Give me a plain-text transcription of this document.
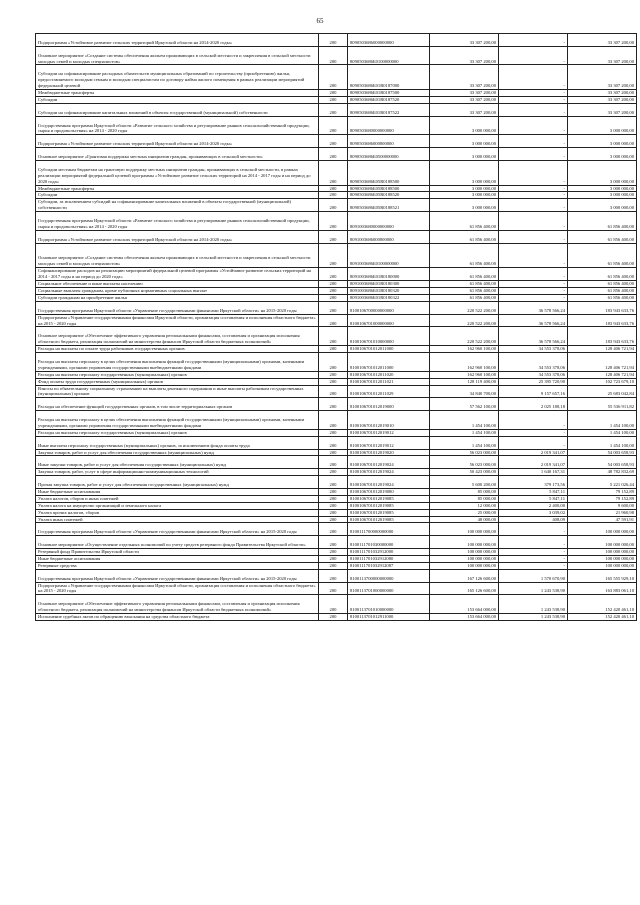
65
Подпрограмма «Устойчивое развитие сельских территорий Иркутской области на 2014-2020 годы»	200	8090503686000000000	33 307 200,00	-	33 307 200,00
Основное мероприятие «Создание системы обеспечения жильем проживающих в сельской местности и закрепления в сельской местности молодых семей и молодых специалистов»	200	8090503686Б0100000000	33 307 200,00	-	33 307 200,00
Субсидии на софинансирование расходных обязательств муниципальных образований по строительству (приобретению) жилья, предоставляемого молодым семьям и молодым специалистам по договору найма жилого помещения в рамках реализации мероприятий федеральной целевой	200	8090503686Б01R0187000	33 307 200,00	-	33 307 200,00
Межбюджетные трансферты	200	8090503686Б01R0187500	33 307 200,00	-	33 307 200,00
Субсидии	200	8090503686Б01R0187520	33 307 200,00	-	33 307 200,00
Субсидии на софинансирование капитальных вложений в объекты государственной (муниципальной) собственности	200	8090503686Б01R0187522	33 307 200,00	-	33 307 200,00
Государственная программа Иркутской области «Развитие сельского хозяйства и регулирование рынков сельскохозяйственной продукции, сырья и продовольствия» на 2014 - 2020 годы	200	8090503680000000000	3 000 000,00	-	3 000 000,00
Подпрограмма «Устойчивое развитие сельских территорий Иркутской области на 2014-2020 годы»	200	8090503686000000000	3 000 000,00	-	3 000 000,00
Основное мероприятие «Грантовая поддержка местных инициатив граждан, проживающих в сельской местности»	200	8090503686Б0500000000	3 000 000,00	-	3 000 000,00
Субсидии местным бюджетам на грантовую поддержку местных инициатив граждан, проживающих в сельской местности, в рамках реализации мероприятий федеральной целевой программы «Устойчивое развитие сельских территорий на 2014 - 2017 годы и на период до 2020 года»	200	8090503686Б05R0188500	3 000 000,00	-	3 000 000,00
Межбюджетные трансферты	200	8090503686Б05R0188500	3 000 000,00	-	3 000 000,00
Субсидии	200	8090503686Б05R0188520	3 000 000,00	-	3 000 000,00
Субсидии, за исключением субсидий на софинансирование капитальных вложений в объекты государственной (муниципальной) собственности	200	8090503686Б05R0188521	3 000 000,00	-	3 000 000,00
Государственная программа Иркутской области «Развитие сельского хозяйства и регулирование рынков сельскохозяйственной продукции, сырья и продовольствия» на 2014 - 2020 годы	200	8091003680000000000	61 856 400,00	-	61 856 400,00
Подпрограмма «Устойчивое развитие сельских территорий Иркутской области на 2014-2020 годы»	200	8091003686000000000	61 856 400,00	-	61 856 400,00
Основное мероприятие «Создание системы обеспечения жильем проживающих в сельской местности и закрепления в сельской местности молодых семей и молодых специалистов»	200	8091003686Б0100000000	61 856 400,00	-	61 856 400,00
Софинансирование расходов на реализацию мероприятий федеральной целевой программы «Устойчивое развитие сельских территорий на 2014 - 2017 годы и на период до 2020 года»	200	8091003686Б01R0180000	61 856 400,00	-	61 856 400,00
Социальное обеспечение и иные выплаты населению	200	8091003686Б01R0180300	61 856 400,00	-	61 856 400,00
Социальные выплаты гражданам, кроме публичных нормативных социальных выплат	200	8091003686Б01R0180320	61 856 400,00	-	61 856 400,00
Субсидии гражданам на приобретение жилья	200	8091003686Б01R0180322	61 856 400,00	-	61 856 400,00
Государственная программа Иркутской области «Управление государственными финансами Иркутской области» на 2015-2020 годы	200	8100106700000000000	220 522 200,00	36 578 566,24	183 943 633,76
Подпрограмма «Управление государственными финансами Иркутской области, организация составления и исполнения областного бюджета» на 2015 - 2020 годы	200	8100106701000000000	220 522 200,00	36 578 566,24	183 943 633,76
Основное мероприятие «Обеспечение эффективного управления региональными финансами, составления и организация исполнения областного бюджета, реализация полномочий на министерства финансов Иркутской области бюджетных полномочий»	200	8100106701010000000	220 522 200,00	36 578 566,24	183 943 633,76
Расходы на выплаты по оплате труда работников государственных органов	200	8100106701012011000	162 960 100,00	34 553 378,06	128 406 721,94
Расходы на выплаты персоналу в целях обеспечения выполнения функций государственными (муниципальными) органами, казенными учреждениями, органами управления государственными внебюджетными фондами	200	8100106701012011000	162 960 100,00	34 553 378,06	128 406 721,94
Расходы на выплаты персоналу государственных (муниципальных) органов	200	8100106701012011020	162 960 100,00	34 553 378,06	128 406 721,94
Фонд оплаты труда государственных (муниципальных) органов	200	8100106701012011021	128 119 400,00	25 395 720,90	102 723 679,10
Взносы по обязательному социальному страхованию на выплаты денежного содержания и иные выплаты работникам государственных (муниципальных) органов	200	8100106701012011029	34 840 700,00	9 157 657,16	25 683 042,84
Расходы на обеспечение функций государственных органов, в том числе территориальных органов	200	8100106701012019000	57 562 100,00	2 025 188,18	55 536 911,82
Расходы на выплаты персоналу в целях обеспечения выполнения функций государственными (муниципальными) органами, казенными учреждениями, органами управления государственными внебюджетными фондами	200	8100106701012019010	1 454 100,00	-	1 454 100,00
Расходы на выплаты персоналу государственных (муниципальных) органов	200	8100106701012019012	1 454 100,00	-	1 454 100,00
Иные выплаты персоналу государственных (муниципальных) органов, за исключением фонда оплаты труда	200	8100106701012019012	1 454 100,00	-	1 454 100,00
Закупка товаров, работ и услуг для обеспечения государственных (муниципальных) нужд	200	8100106701012019020	56 023 000,00	2 019 341,07	54 003 658,93
Иные закупки товаров, работ и услуг для обеспечения государственных (муниципальных) нужд	200	8100106701012019024	56 023 000,00	2 019 341,07	54 003 658,93
Закупка товаров, работ, услуг в сфере информационно-коммуникационных технологий	200	8100106701012019024	50 423 000,00	1 640 167,31	48 782 832,69
Прочая закупка товаров, работ и услуг для обеспечения государственных (муниципальных) нужд	200	8100106701012019024	5 600 200,00	379 173,56	5 221 026,44
Иные бюджетные ассигнования	200	8100106701012019080	85 000,00	5 847,11	79 152,89
Уплата налогов, сборов и иных платежей	200	8100106701012019085	85 000,00	5 847,11	79 152,89
Уплата налога на имущество организаций и земельного налога	200	8100106701012019085	12 000,00	2 400,00	9 600,00
Уплата прочих налогов, сборов	200	8100106701012019085	25 000,00	3 039,02	21 960,98
Уплата иных платежей	200	8100106701012019085	48 000,00	408,09	47 591,91
Государственная программа Иркутской области «Управление государственными финансами Иркутской области» на 2015-2020 годы	200	8100111700000000000	100 000 000,00	-	100 000 000,00
Основное мероприятие «Осуществление отдельных полномочий по учету средств резервного фонда Правительства Иркутской области»	200	8100111701030000000	100 000 000,00	-	100 000 000,00
Резервный фонд Правительства Иркутской области	200	8100111701032912000	100 000 000,00	-	100 000 000,00
Иные бюджетные ассигнования	200	8100111701032912080	100 000 000,00	-	100 000 000,00
Резервные средства	200	8100111701032912087	100 000 000,00	-	100 000 000,00
Государственная программа Иркутской области «Управление государственными финансами Иркутской области» на 2015-2020 годы	200	8100113700000000000	167 126 600,00	1 570 670,90	165 555 929,10
Подпрограмма «Управление государственными финансами Иркутской области, организация составления и исполнения областного бюджета» на 2015 - 2020 годы	200	8100113701000000000	165 126 600,00	1 243 538,90	163 883 061,10
Основное мероприятие «Обеспечение эффективного управления региональными финансами, составления и организация исполнения областного бюджета, реализация полномочий на министерства финансов Иркутской области бюджетных полномочий»	200	8100113701010000000	153 664 000,00	1 243 538,90	152 420 461,10
Исполнение судебных актов по обращению взыскания на средства областного бюджета	200	8100113701012911000	153 664 000,00	1 243 538,90	152 420 461,10
